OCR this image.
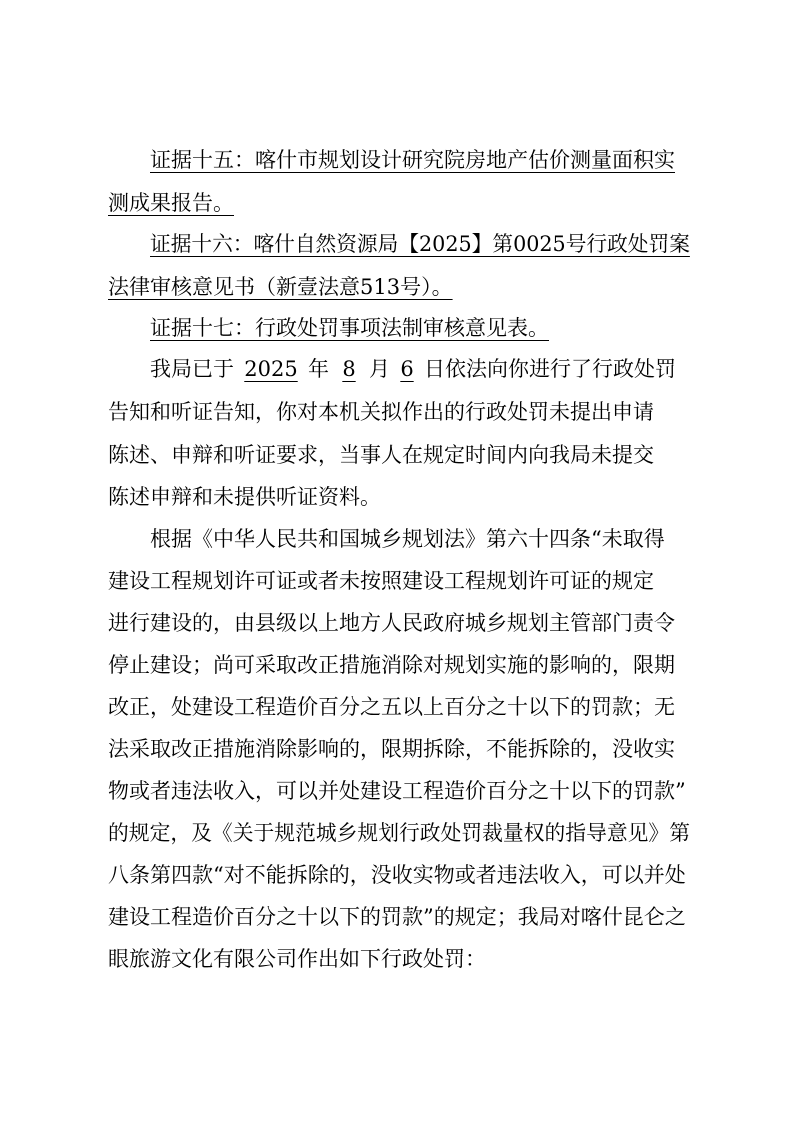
证据十五：喀什市规划设计研究院房地产估价测量面积实
测成果报告。
证据十六：喀什自然资源局【2025】第0025号行政处罚案
法律审核意见书（新壹法意513号）。
证据十七：行政处罚事项法制审核意见表。
我局已于 2025 年 8 月 6 日依法向你进行了行政处罚
告知和听证告知，你对本机关拟作出的行政处罚未提出申请
陈述、申辩和听证要求，当事人在规定时间内向我局未提交
陈述申辩和未提供听证资料。
根据《中华人民共和国城乡规划法》第六十四条“未取得
建设工程规划许可证或者未按照建设工程规划许可证的规定
进行建设的，由县级以上地方人民政府城乡规划主管部门责令
停止建设；尚可采取改正措施消除对规划实施的影响的，限期
改正，处建设工程造价百分之五以上百分之十以下的罚款；无
法采取改正措施消除影响的，限期拆除，不能拆除的，没收实
物或者违法收入，可以并处建设工程造价百分之十以下的罚款”
的规定，及《关于规范城乡规划行政处罚裁量权的指导意见》第
八条第四款“对不能拆除的，没收实物或者违法收入，可以并处
建设工程造价百分之十以下的罚款”的规定；我局对喀什昆仑之
眼旅游文化有限公司作出如下行政处罚：
